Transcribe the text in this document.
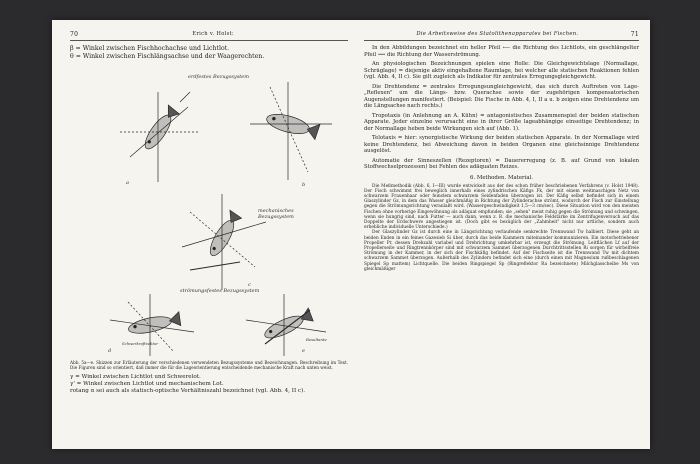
70	Erich v. Holst:

β = Winkel zwischen Fischhochachse und Lichtlot.

θ = Winkel zwischen Fischlängsachse und der Waagerechten.

erdfestes Bezugssystem
mechanisches Bezugssystem
strömungsfestes Bezugssystem
a	b
c
d	e
Schwerkraftvektor
Resultante

Abb. 5a—e. Skizzen zur Erläuterung der verschiedenen verwendeten Bezugssysteme und Bezeichnungen. Beschreibung im Text. Die Figuren sind so orientiert, daß immer die für die Lageorientierung entscheidende mechanische Kraft nach unten weist.

γ = Winkel zwischen Lichtlot und Schwerelot.

γ' = Winkel zwischen Lichtlot und mechanischem Lot.

rotang α sei auch als statisch-optische Verhältniszahl bezeichnet (vgl. Abb. 4, II c).

Die Arbeitsweise des Statolithenapparates bei Fischen.	71

In den Abbildungen bezeichnet ein heller Pfeil ⟵ die Richtung des Lichtlots, ein geschlängelter Pfeil ⟿ die Richtung der Wasserströmung.

An physiologischen Bezeichnungen spielen eine Rolle: Die Gleichgewichtslage (Normallage, Schräglage) = diejenige aktiv eingehaltene Raumlage, bei welcher alle statischen Reaktionen fehlen (vgl. Abb. 4, II c). Sie gilt zugleich als Indikator für zentrales Erregungsgleichgewicht.

Die Drehtendenz = zentrales Erregungsungleichgewicht, das sich durch Auftreten von Lage-„Reflexen" um die Längs- bzw. Querachse sowie der zugehörigen kompensatorischen Augenstellungen manifestiert. (Beispiel: Die Fische in Abb. 4, I, II a u. b zeigen eine Drehtendenz um die Längsachse nach rechts.)

Tropotaxis (in Anlehnung an A. Kühn) = antagonistisches Zusammenspiel der beiden statischen Apparate. Jeder einzelne verursacht eine in ihrer Größe lageabhängige einseitige Drehtendenz; in der Normallage heben beide Wirkungen sich auf (Abb. 1).

Telotaxis = hier: synergistische Wirkung der beiden statischen Apparate. In der Normallage wird keine Drehtendenz, bei Abweichung davon in beiden Organen eine gleichsinnige Drehtendenz ausgelöst.

Automatie der Sinneszellen (Rezeptoren) = Dauererregung (z. B. auf Grund von lokalen Stoffwechselprozessen) bei Fehlen des adäquaten Reizes.

6. Methoden. Material.

Die Meßmethodik (Abb. 6, I—III) wurde entwickelt aus der des schon früher beschriebenen Verfahrens (v. Holst 1948). Der Fisch schwimmt frei beweglich innerhalb eines zylindrischen Käfigs Fk, der mit einem weitmaschigen Netz von schwarzem Frauenhaar oder feinstem schwarzem Seidenfaden überzogen ist. Der Käfig selbst befindet sich in einem Glaszylinder Gz, in dem das Wasser gleichmäßig in Richtung der Zylinderachse strömt, wodurch der Fisch zur Einstellung gegen die Strömungsrichtung veranlaßt wird. (Wassergeschwindigkeit 1,5—3 cm/sec). Diese Situation wird von den meisten Fischen ohne vorherige Eingewöhnung als adäquat empfunden; sie „sehen" meist ruhig gegen die Strömung und schwingen, wenn sie hungrig sind, nach Futter — auch dann, wenn z. B. die mechanische Feldstärke im Zentrifugenversuch auf das Doppelte der Erdschwere angestiegen ist. (Doch gibt es bezüglich der „Zahmheit" nicht nur artliche, sondern auch erhebliche individuelle Unterschiede.)

Der Glaszylinder Gz ist durch eine in Längsrichtung verlaufende senkrechte Trennwand Tw halbiert. Diese geht an beiden Enden in ein feines Gazesieb Si über, durch das beide Kammern miteinander kommunizieren. Ein motorbetriebener Propeller Pr, dessen Drehzahl variabel und Drehrichtung umkehrbar ist, erzeugt die Strömung. Leitflächen Lf auf der Propellerseite und Ringtrennkörper sind mit schwarzem Sammet überzogenen Durchtrittsstellen Ri sorgen für wirbelfreie Strömung in der Kammer, in der sich der Fischkäfig befindet. Auf der Fischseite ist die Trennwand Tw mit dichtem schwarzem Sammet überzogen. Außerhalb des Zylinders befindet sich eine (durch einen mit Magnesium rußbeschlagenen Spiegel Sp mattem) Lichtquelle. Die beiden Ringspiegel Sp (Ringreflektor Ra bezeichnete) Milchglasscheibe Ms von gleichmäßiger
